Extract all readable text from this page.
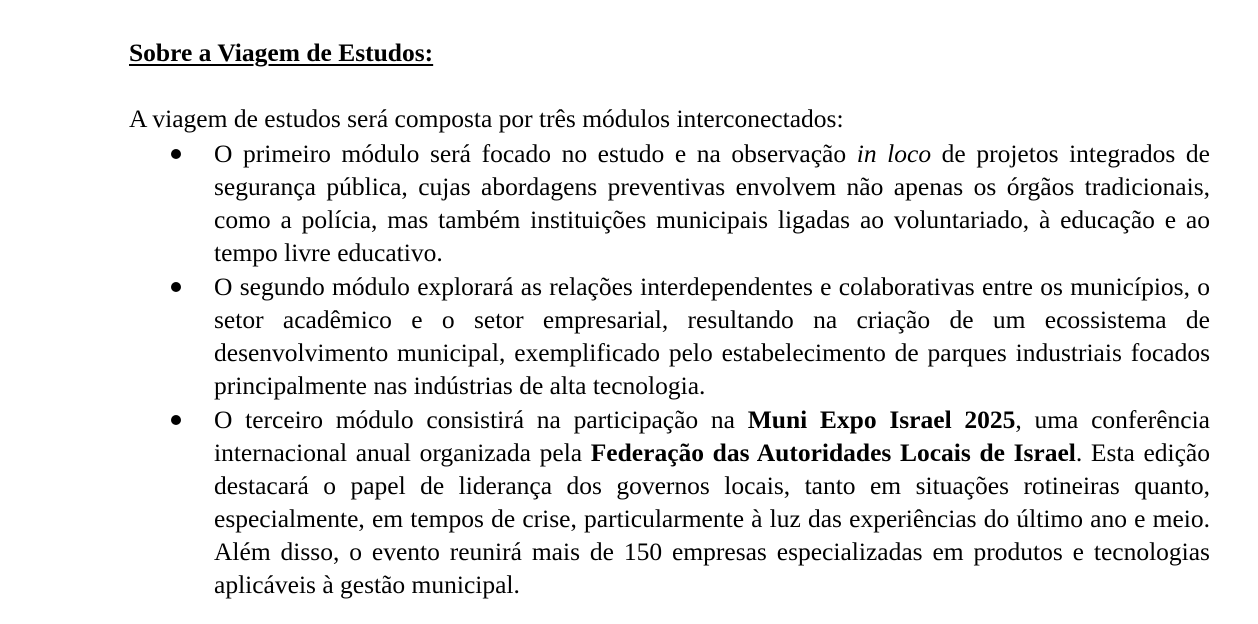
Sobre a Viagem de Estudos:
A viagem de estudos será composta por três módulos interconectados:
O primeiro módulo será focado no estudo e na observação in loco de projetos integrados de segurança pública, cujas abordagens preventivas envolvem não apenas os órgãos tradicionais, como a polícia, mas também instituições municipais ligadas ao voluntariado, à educação e ao tempo livre educativo.
O segundo módulo explorará as relações interdependentes e colaborativas entre os municípios, o setor acadêmico e o setor empresarial, resultando na criação de um ecossistema de desenvolvimento municipal, exemplificado pelo estabelecimento de parques industriais focados principalmente nas indústrias de alta tecnologia.
O terceiro módulo consistirá na participação na Muni Expo Israel 2025, uma conferência internacional anual organizada pela Federação das Autoridades Locais de Israel. Esta edição destacará o papel de liderança dos governos locais, tanto em situações rotineiras quanto, especialmente, em tempos de crise, particularmente à luz das experiências do último ano e meio. Além disso, o evento reunirá mais de 150 empresas especializadas em produtos e tecnologias aplicáveis à gestão municipal.
